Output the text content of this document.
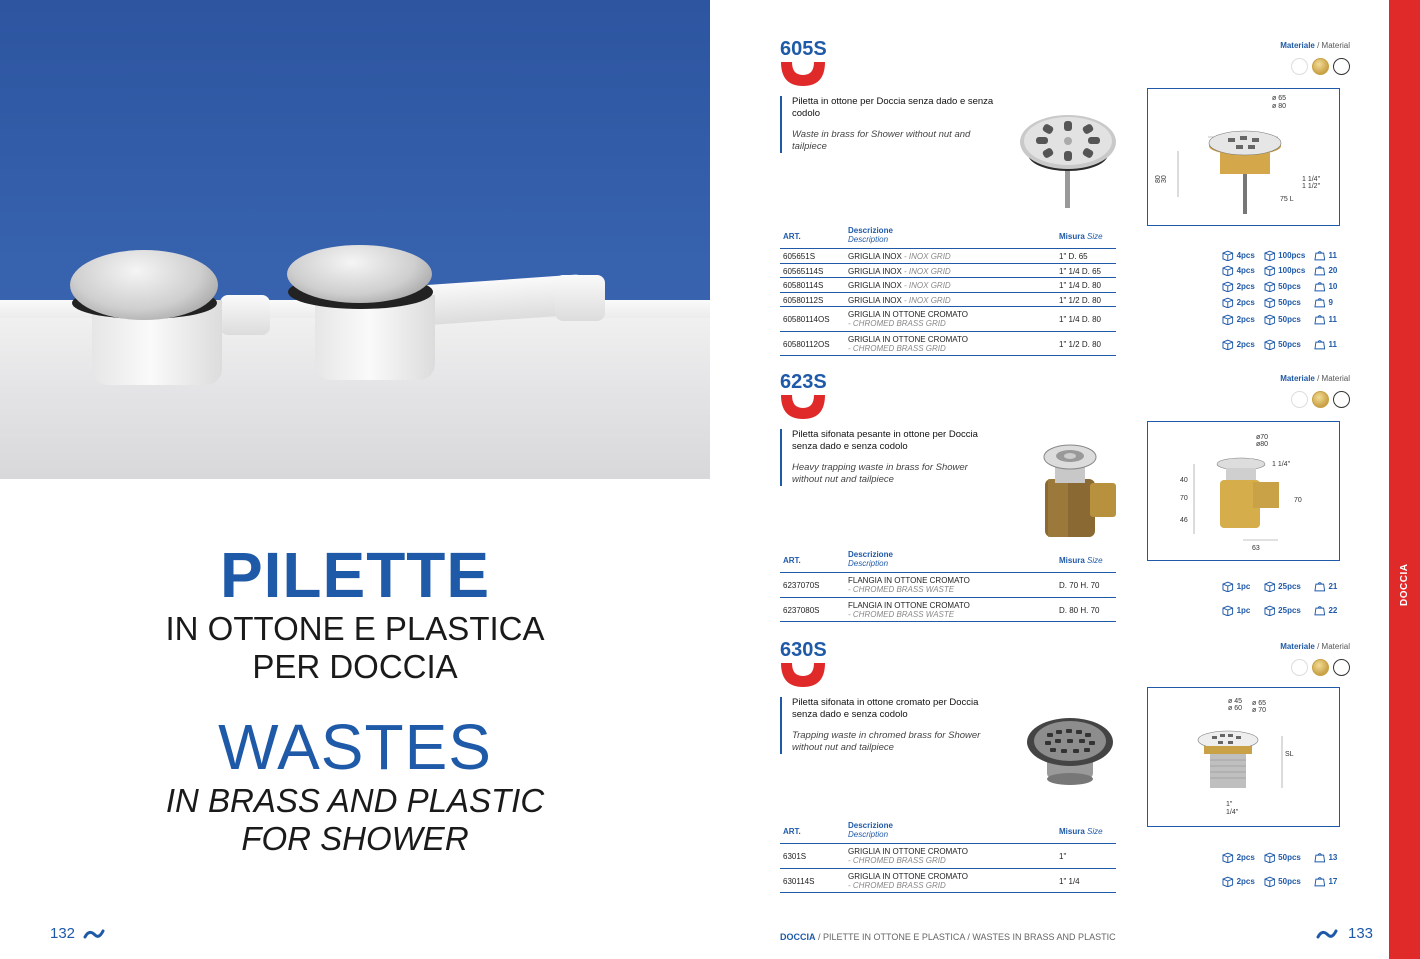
PILETTE
IN OTTONE E PLASTICA
PER DOCCIA
WASTES
IN BRASS AND PLASTIC
FOR SHOWER
132
605S	Materiale / Material
Piletta in ottone per Doccia senza dado e senza codolo
Waste in brass for Shower without nut and tailpiece
ø 65
ø 80
30
80	1 1/4"
1 1/2"
75 L
ART.
Descrizione
Description	Misura Size
605651S	GRIGLIA INOX - INOX GRID	1" D. 65
60565114S	GRIGLIA INOX - INOX GRID	1" 1/4 D. 65
60580114S	GRIGLIA INOX - INOX GRID	1" 1/4 D. 80
60580112S	GRIGLIA INOX - INOX GRID	1" 1/2 D. 80
60580114OS
GRIGLIA IN OTTONE CROMATO
- CHROMED BRASS GRID	1" 1/4 D. 80
60580112OS
GRIGLIA IN OTTONE CROMATO
- CHROMED BRASS GRID	1" 1/2 D. 80
4pcs	100pcs	11
4pcs	100pcs	20
2pcs	50pcs	10
2pcs	50pcs	9
2pcs	50pcs	11
2pcs	50pcs	11
623S	Materiale / Material
Piletta sifonata pesante in ottone per Doccia senza dado e senza codolo
Heavy trapping waste in brass for Shower without nut and tailpiece
ø70
ø80
1 1/4"
40
70
46
70
63
ART.
Descrizione
Description	Misura Size
6237070S
FLANGIA IN OTTONE CROMATO
- CHROMED BRASS WASTE	D. 70 H. 70
6237080S
FLANGIA IN OTTONE CROMATO
- CHROMED BRASS WASTE	D. 80 H. 70
1pc	25pcs	21
1pc	25pcs	22
630S	Materiale / Material
Piletta sifonata in ottone cromato per Doccia senza dado e senza codolo
Trapping waste in chromed brass for Shower without nut and tailpiece
ø 45
ø 60
ø 65
ø 70
SL
1"
1/4"
ART.
Descrizione
Description	Misura Size
6301S
GRIGLIA IN OTTONE CROMATO
- CHROMED BRASS GRID	1"
630114S
GRIGLIA IN OTTONE CROMATO
- CHROMED BRASS GRID	1" 1/4
2pcs	50pcs	13
2pcs	50pcs	17
DOCCIA / PILETTE IN OTTONE E PLASTICA / WASTES IN BRASS AND PLASTIC	133
DOCCIA
